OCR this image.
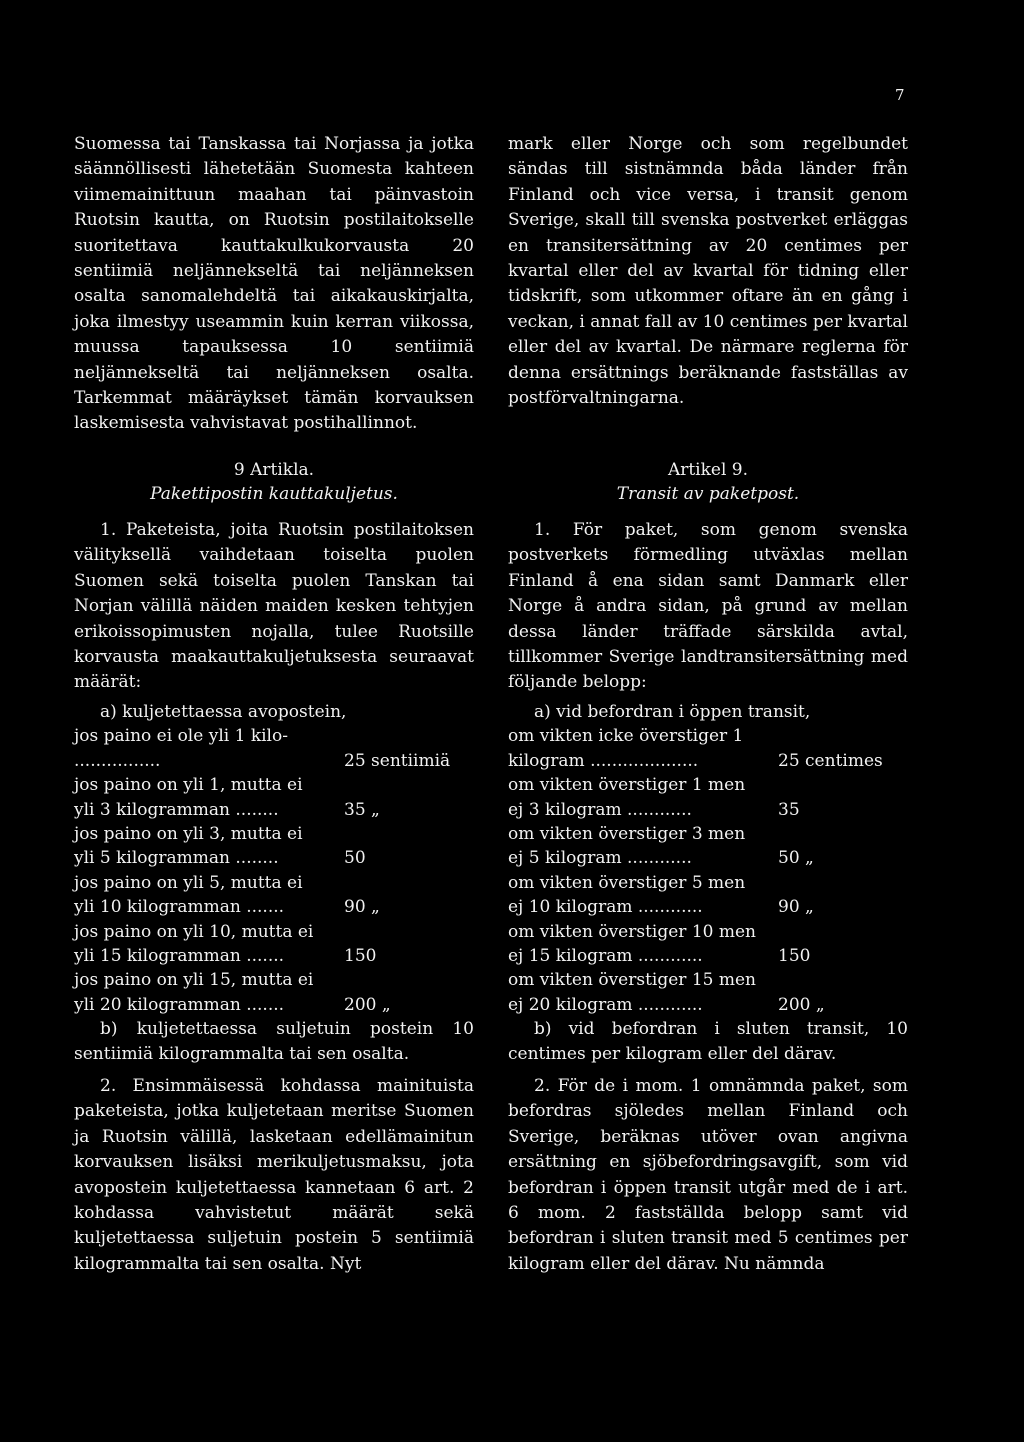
7

Suomessa tai Tanskassa tai Norjassa ja jotka säännöllisesti lähetetään Suomesta kahteen viimemainittuun maahan tai päinvastoin Ruotsin kautta, on Ruotsin postilaitokselle suoritettava kauttakulkukorvausta 20 sentiimiä neljännekseltä tai neljänneksen osalta sanomalehdeltä tai aikakauskirjalta, joka ilmestyy useammin kuin kerran viikossa, muussa tapauksessa 10 sentiimiä neljännekseltä tai neljänneksen osalta. Tarkemmat määräykset tämän korvauksen laskemisesta vahvistavat postihallinnot.

9 Artikla.

Pakettipostin kauttakuljetus.

1. Paketeista, joita Ruotsin postilaitoksen välityksellä vaihdetaan toiselta puolen Suomen sekä toiselta puolen Tanskan tai Norjan välillä näiden maiden kesken tehtyjen erikoissopimusten nojalla, tulee Ruotsille korvausta maakauttakuljetuksesta seuraavat määrät:

a) kuljetettaessa avopostein,

jos paino ei ole yli 1 kilo-

................	25 sentiimiä

jos paino on yli 1, mutta ei

yli 3 kilogramman ........	35 „

jos paino on yli 3, mutta ei

yli 5 kilogramman ........	50

jos paino on yli 5, mutta ei

yli 10 kilogramman .......	90 „

jos paino on yli 10, mutta ei

yli 15 kilogramman .......	150

jos paino on yli 15, mutta ei

yli 20 kilogramman .......	200 „

b) kuljetettaessa suljetuin postein 10 sentiimiä kilogrammalta tai sen osalta.

2. Ensimmäisessä kohdassa mainituista paketeista, jotka kuljetetaan meritse Suomen ja Ruotsin välillä, lasketaan edellämainitun korvauksen lisäksi merikuljetusmaksu, jota avopostein kuljetettaessa kannetaan 6 art. 2 kohdassa vahvistetut määrät sekä kuljetettaessa suljetuin postein 5 sentiimiä kilogrammalta tai sen osalta. Nyt

mark eller Norge och som regelbundet sändas till sistnämnda båda länder från Finland och vice versa, i transit genom Sverige, skall till svenska postverket erläggas en transitersättning av 20 centimes per kvartal eller del av kvartal för tidning eller tidskrift, som utkommer oftare än en gång i veckan, i annat fall av 10 centimes per kvartal eller del av kvartal. De närmare reglerna för denna ersättnings beräknande fastställas av postförvaltningarna.

Artikel 9.

Transit av paketpost.

1. För paket, som genom svenska postverkets förmedling utväxlas mellan Finland å ena sidan samt Danmark eller Norge å andra sidan, på grund av mellan dessa länder träffade särskilda avtal, tillkommer Sverige landtransitersättning med följande belopp:

a) vid befordran i öppen transit,

om vikten icke överstiger 1

kilogram ....................	25 centimes

om vikten överstiger 1 men

ej 3 kilogram ............	35

om vikten överstiger 3 men

ej 5 kilogram ............	50 „

om vikten överstiger 5 men

ej 10 kilogram ............	90 „

om vikten överstiger 10 men

ej 15 kilogram ............	150

om vikten överstiger 15 men

ej 20 kilogram ............	200 „

b) vid befordran i sluten transit, 10 centimes per kilogram eller del därav.

2. För de i mom. 1 omnämnda paket, som befordras sjöledes mellan Finland och Sverige, beräknas utöver ovan angivna ersättning en sjöbefordringsavgift, som vid befordran i öppen transit utgår med de i art. 6 mom. 2 fastställda belopp samt vid befordran i sluten transit med 5 centimes per kilogram eller del därav. Nu nämnda
